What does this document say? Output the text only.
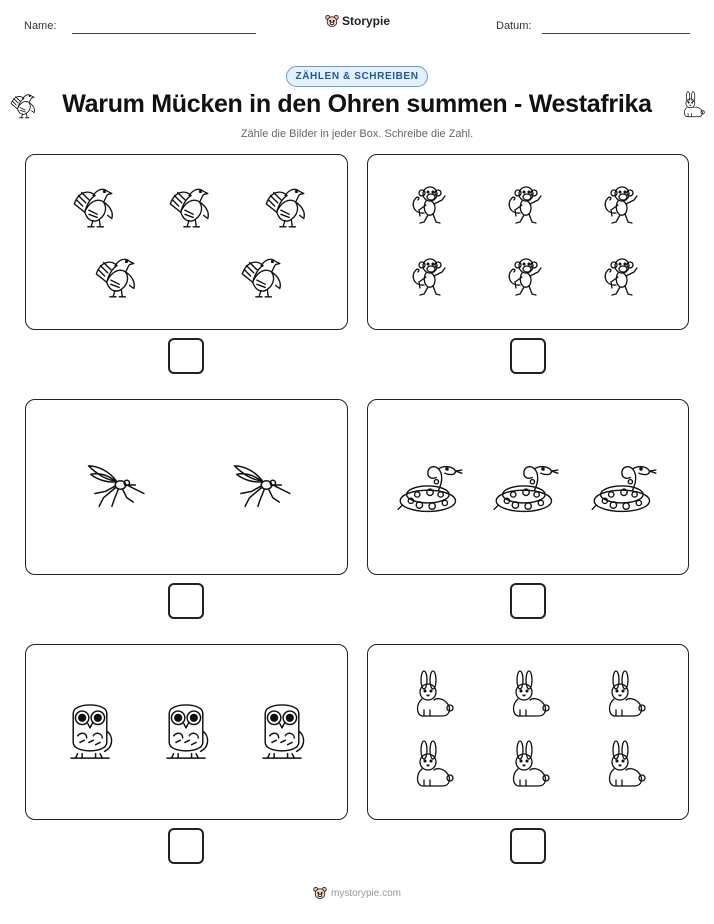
Name:	Storypie	Datum:
ZÄHLEN & SCHREIBEN
Warum Mücken in den Ohren summen - Westafrika
Zähle die Bilder in jeder Box. Schreibe die Zahl.
mystorypie.com
